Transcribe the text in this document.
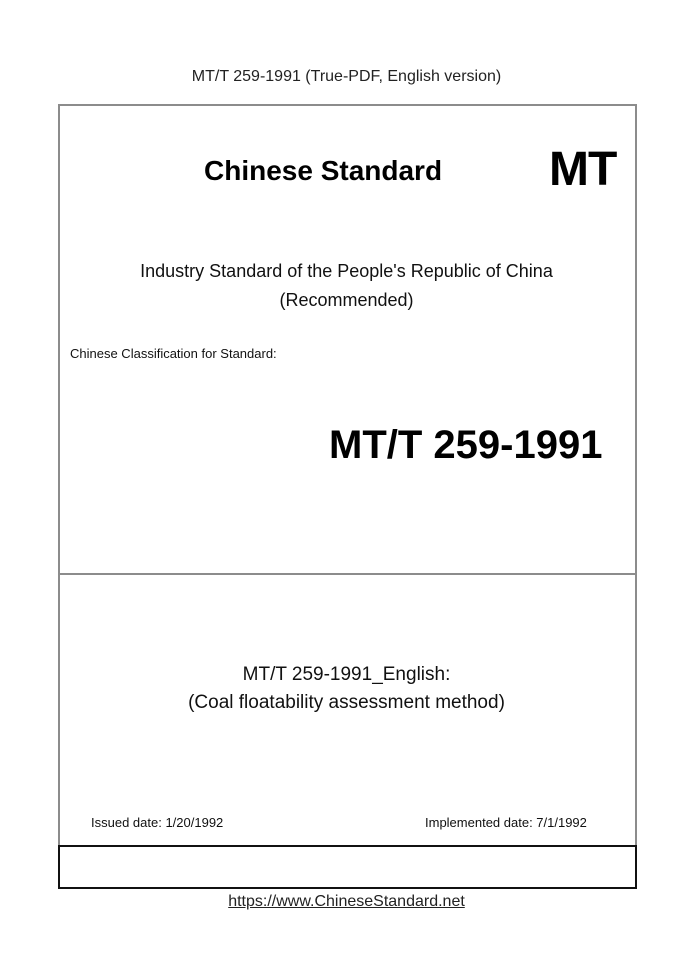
MT/T 259-1991 (True-PDF, English version)
Chinese Standard MT
Industry Standard of the People's Republic of China
(Recommended)
Chinese Classification for Standard:
MT/T 259-1991
MT/T 259-1991_English:
(Coal floatability assessment method)
Issued date: 1/20/1992	Implemented date: 7/1/1992
https://www.ChineseStandard.net
